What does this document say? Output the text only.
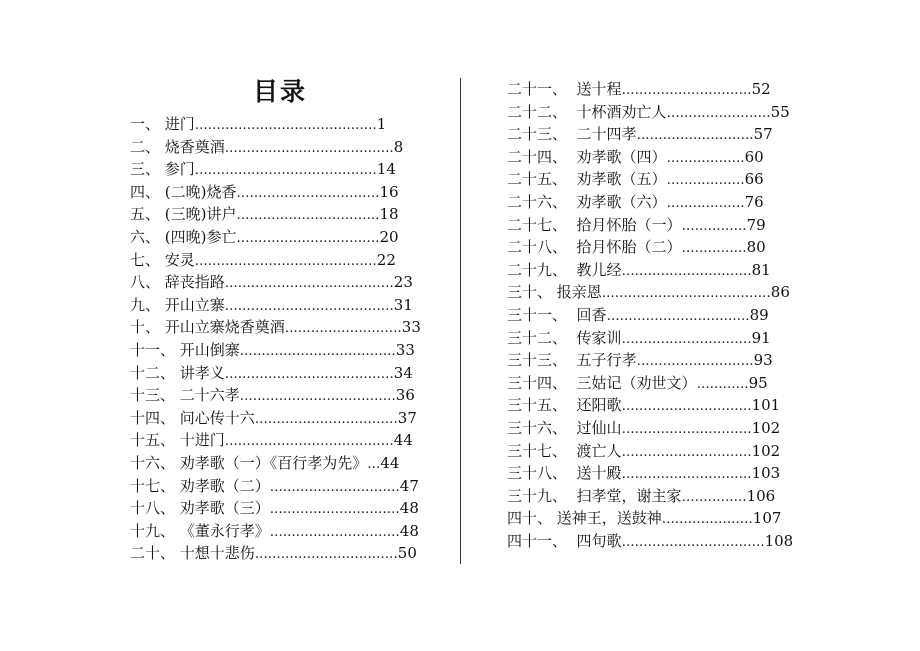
目录
一、 进门 …………………………………… 1
二、 烧香奠酒 ………………………………… 8
三、 参门 …………………………………… 14
四、 (二晚)烧香 …………………………… 16
五、 (三晚)讲户 …………………………… 18
六、 (四晚)参亡 …………………………… 20
七、 安灵 …………………………………… 22
八、 辞丧指路 ………………………………… 23
九、 开山立寨 ………………………………… 31
十、 开山立寨烧香奠酒 ……………………… 33
十一、 开山倒寨 ……………………………… 33
十二、 讲孝义 ………………………………… 34
十三、 二十六孝 ……………………………… 36
十四、 问心传十六 …………………………… 37
十五、 十进门 ………………………………… 44
十六、 劝孝歌（一）《百行孝为先》 … 44
十七、 劝孝歌（二） ………………………… 47
十八、 劝孝歌（三） ………………………… 48
十九、 《董永行孝》 ………………………… 48
二十、 十想十悲伤 …………………………… 50
二十一、 送十程 ………………………… 52
二十二、 十杯酒劝亡人 …………………… 55
二十三、 二十四孝 ……………………… 57
二十四、 劝孝歌（四） ……………… 60
二十五、 劝孝歌（五） ……………… 66
二十六、 劝孝歌（六） ……………… 76
二十七、 拾月怀胎（一） …………… 79
二十八、 拾月怀胎（二） …………… 80
二十九、 教儿经 ………………………… 81
三十、 报亲恩 ………………………………… 86
三十一、 回香 …………………………… 89
三十二、 传家训 ………………………… 91
三十三、 五子行孝 ……………………… 93
三十四、 三姑记（劝世文） ………… 95
三十五、 还阳歌 ………………………… 101
三十六、 过仙山 ………………………… 102
三十七、 渡亡人 ………………………… 102
三十八、 送十殿 ………………………… 103
三十九、 扫孝堂，谢主家 …………… 106
四十、 送神王，送鼓神 ………………… 107
四十一、 四句歌 …………………………… 108
